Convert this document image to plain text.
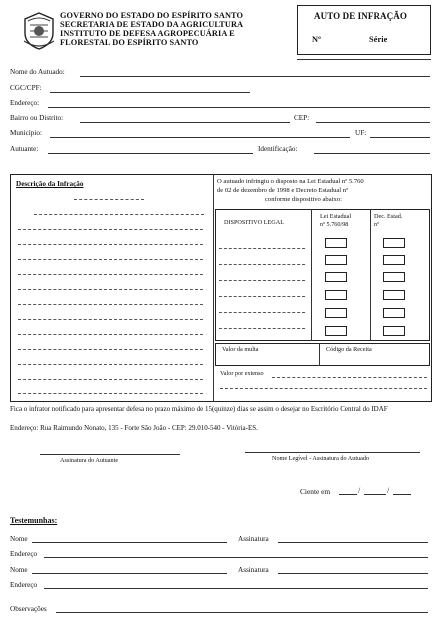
GOVERNO DO ESTADO DO ESPÍRITO SANTO
SECRETARIA DE ESTADO DA AGRICULTURA
INSTITUTO DE DEFESA AGROPECUÁRIA E
FLORESTAL DO ESPÍRITO SANTO
AUTO DE INFRAÇÃO
Nº	Série
Nome do Autuado:
CGC/CPF:
Endereço:
Bairro ou Distrito:	CEP:
Município:	UF:
Autuante:	Identificação:
Descrição da Infração	O autuado infringiu o disposto na Lei Estadual nº 5.760
de 02 de dezembro de 1998 e Decreto Estadual nº
conforme dispositivo abaixo:
DISPOSITIVO LEGAL
Lei Estadual
nº 5.760/98
Dec. Estad.
nº
Valor da multa	Código da Receita
Valor por extenso
Fica o infrator notificado para apresentar defesa no prazo máximo de 15(quinze) dias se assim o desejar no Escritório Central do IDAF
Endereço: Rua Raimundo Nonato, 135 - Forte São João - CEP: 29.010-540 - Vitória-ES.
Assinatura do Autuante	Nome Legível - Assinatura do Autuado
Ciente em	/	/
Testemunhas:
Nome	Assinatura
Endereço
Nome	Assinatura
Endereço
Observações
